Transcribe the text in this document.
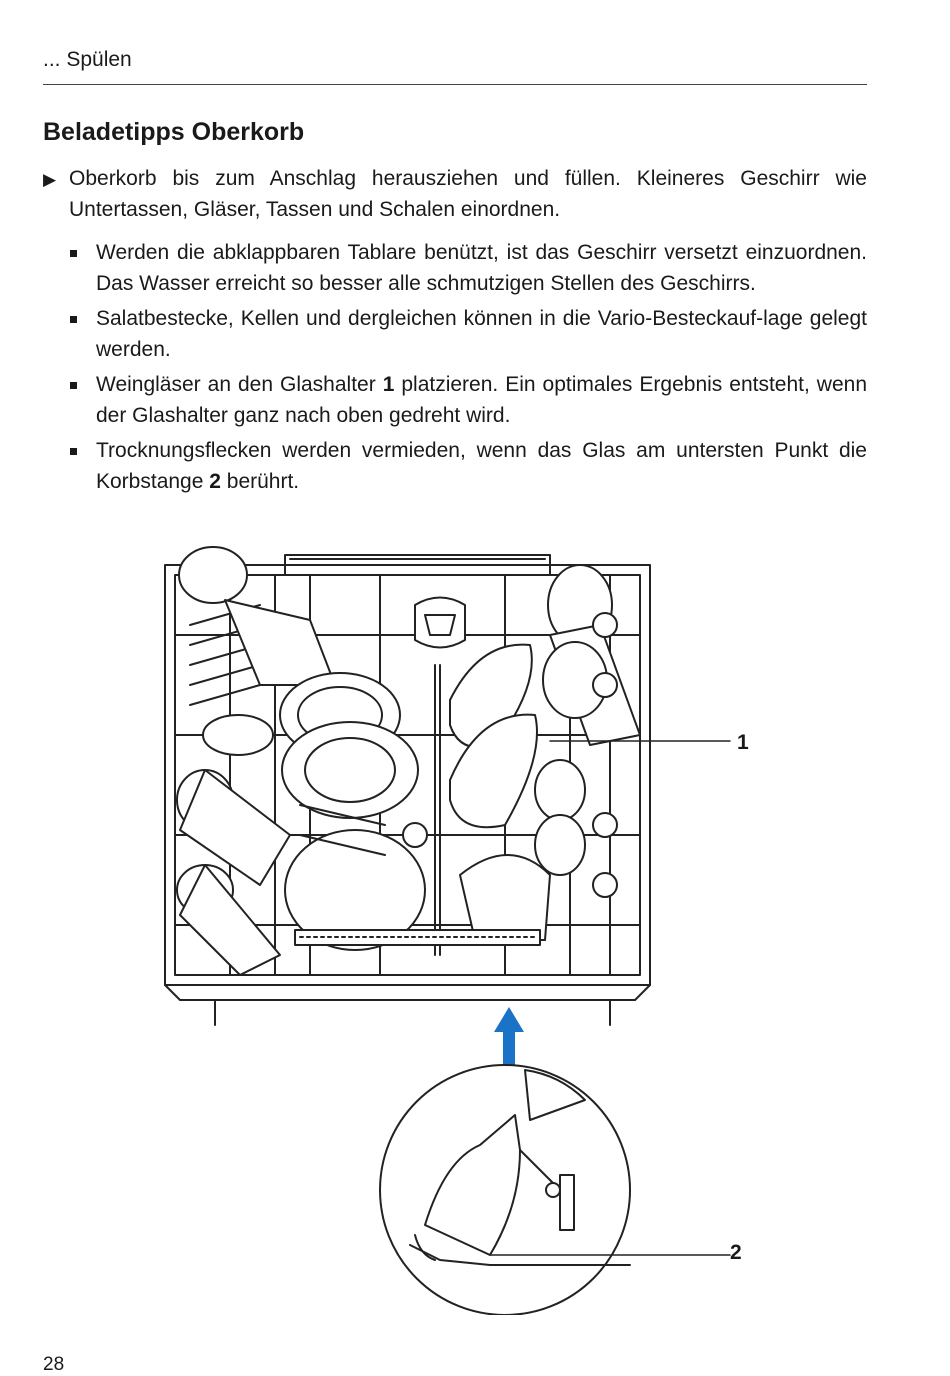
... Spülen
Beladetipps Oberkorb
▶ Oberkorb bis zum Anschlag herausziehen und füllen. Kleineres Geschirr wie Untertassen, Gläser, Tassen und Schalen einordnen.
Werden die abklappbaren Tablare benützt, ist das Geschirr versetzt einzuordnen. Das Wasser erreicht so besser alle schmutzigen Stellen des Geschirrs.
Salatbestecke, Kellen und dergleichen können in die Vario-Besteckauf-lage gelegt werden.
Weingläser an den Glashalter 1 platzieren. Ein optimales Ergebnis entsteht, wenn der Glashalter ganz nach oben gedreht wird.
Trocknungsflecken werden vermieden, wenn das Glas am untersten Punkt die Korbstange 2 berührt.
1
2
28
